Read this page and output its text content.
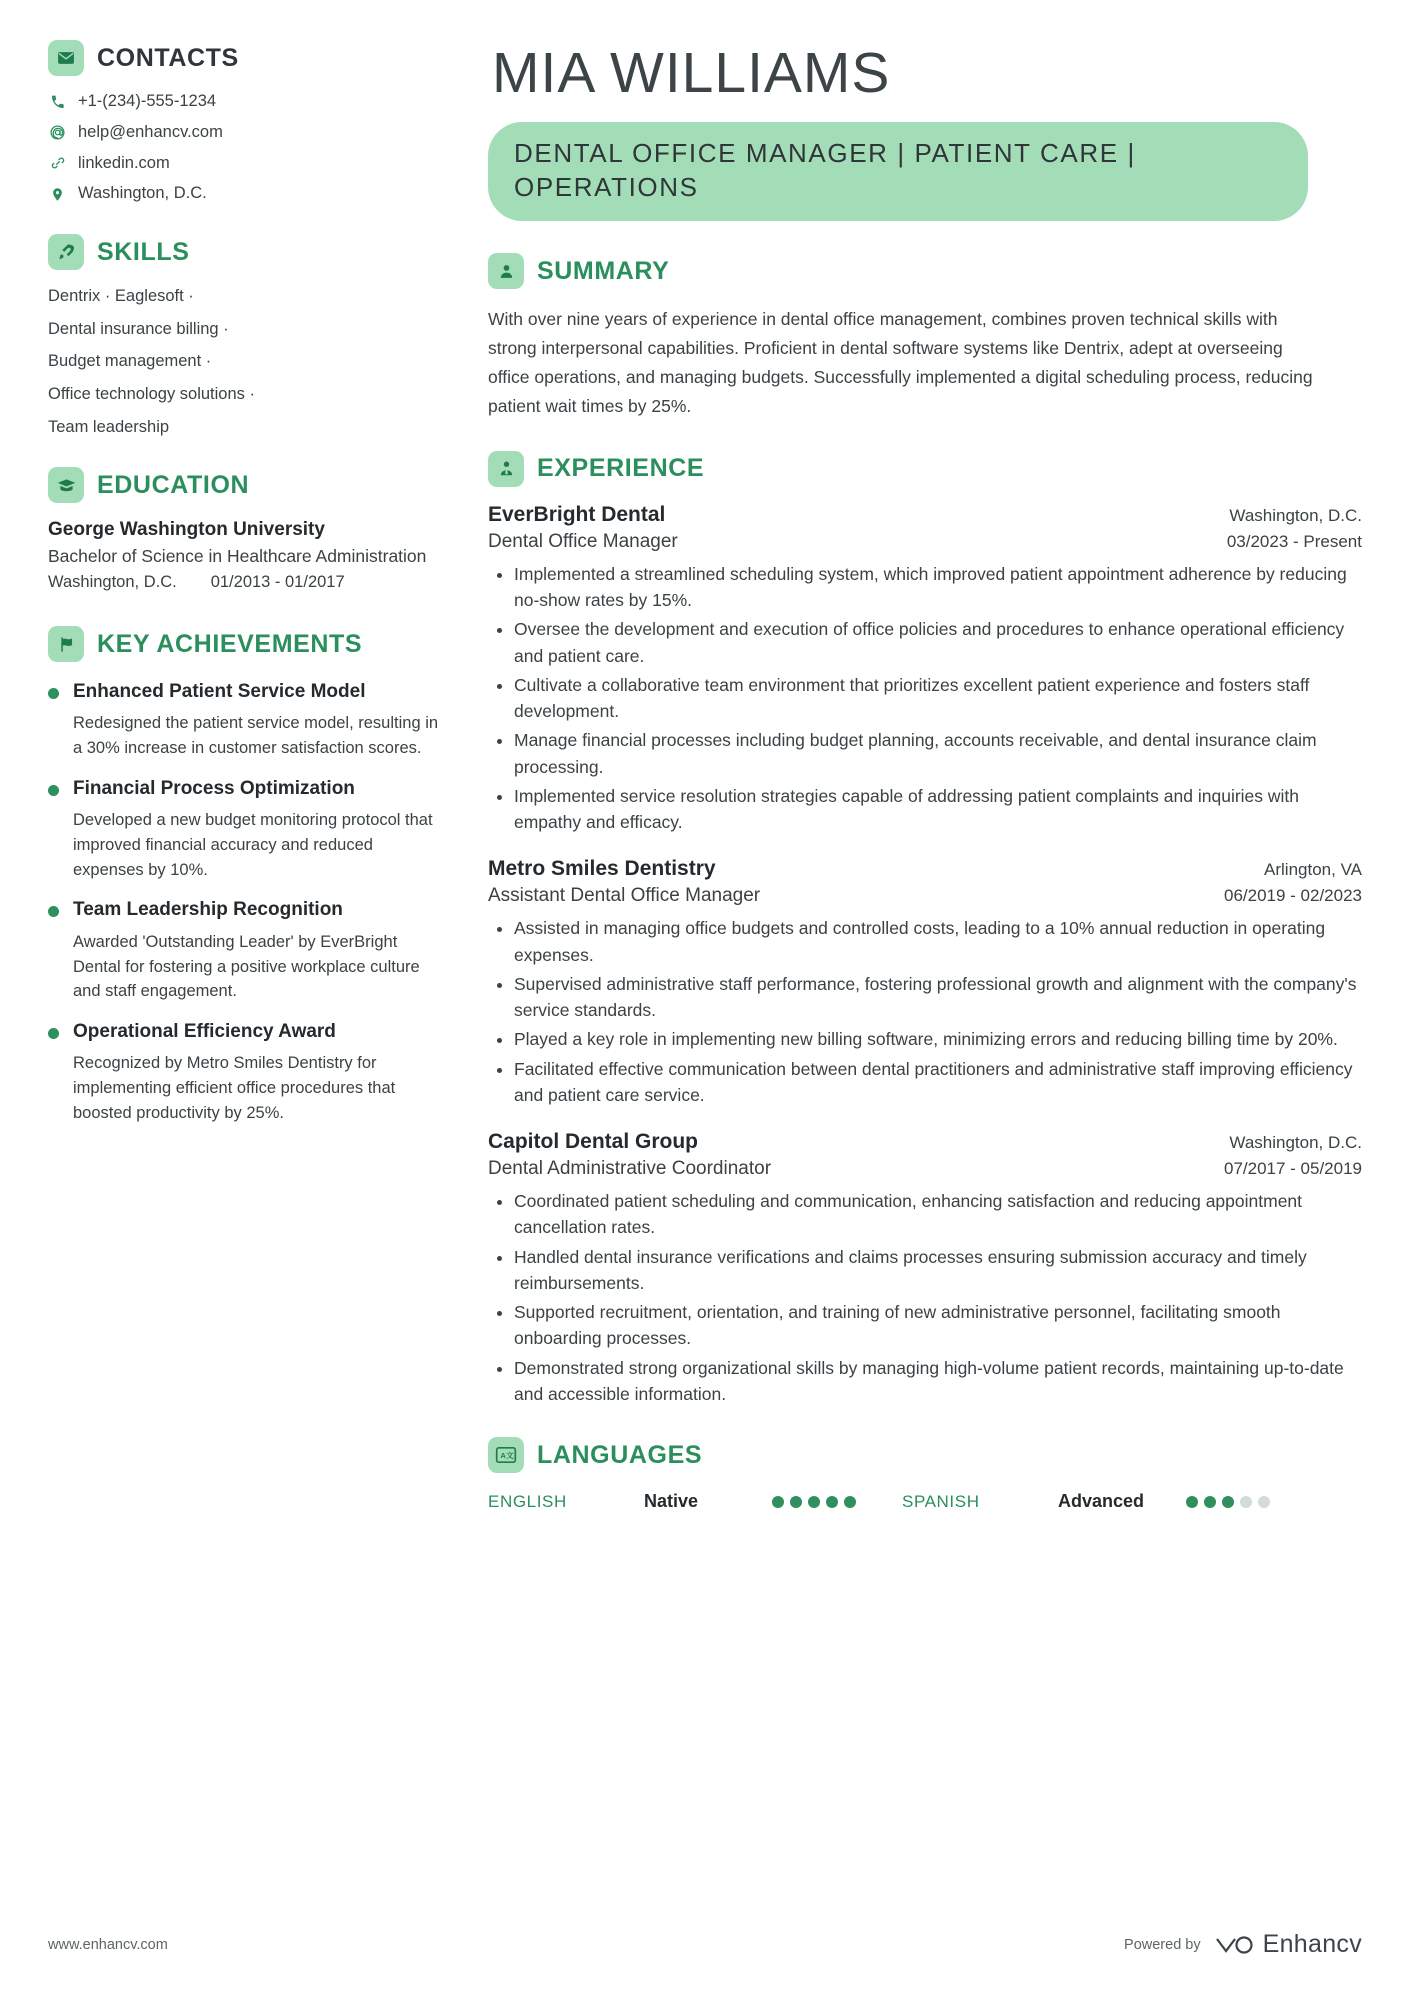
CONTACTS
+1-(234)-555-1234
help@enhancv.com
linkedin.com
Washington, D.C.
SKILLS
Dentrix · Eaglesoft ·
Dental insurance billing ·
Budget management ·
Office technology solutions ·
Team leadership
EDUCATION
George Washington University
Bachelor of Science in Healthcare Administration
Washington, D.C. 01/2013 - 01/2017
KEY ACHIEVEMENTS
Enhanced Patient Service Model
Redesigned the patient service model, resulting in a 30% increase in customer satisfaction scores.
Financial Process Optimization
Developed a new budget monitoring protocol that improved financial accuracy and reduced expenses by 10%.
Team Leadership Recognition
Awarded 'Outstanding Leader' by EverBright Dental for fostering a positive workplace culture and staff engagement.
Operational Efficiency Award
Recognized by Metro Smiles Dentistry for implementing efficient office procedures that boosted productivity by 25%.
MIA WILLIAMS
DENTAL OFFICE MANAGER | PATIENT CARE | OPERATIONS
SUMMARY
With over nine years of experience in dental office management, combines proven technical skills with strong interpersonal capabilities. Proficient in dental software systems like Dentrix, adept at overseeing office operations, and managing budgets. Successfully implemented a digital scheduling process, reducing patient wait times by 25%.
EXPERIENCE
EverBright Dental	Washington, D.C.
Dental Office Manager	03/2023 - Present
• Implemented a streamlined scheduling system, which improved patient appointment adherence by reducing no-show rates by 15%.
• Oversee the development and execution of office policies and procedures to enhance operational efficiency and patient care.
• Cultivate a collaborative team environment that prioritizes excellent patient experience and fosters staff development.
• Manage financial processes including budget planning, accounts receivable, and dental insurance claim processing.
• Implemented service resolution strategies capable of addressing patient complaints and inquiries with empathy and efficacy.
Metro Smiles Dentistry	Arlington, VA
Assistant Dental Office Manager	06/2019 - 02/2023
• Assisted in managing office budgets and controlled costs, leading to a 10% annual reduction in operating expenses.
• Supervised administrative staff performance, fostering professional growth and alignment with the company's service standards.
• Played a key role in implementing new billing software, minimizing errors and reducing billing time by 20%.
• Facilitated effective communication between dental practitioners and administrative staff improving efficiency and patient care service.
Capitol Dental Group	Washington, D.C.
Dental Administrative Coordinator	07/2017 - 05/2019
• Coordinated patient scheduling and communication, enhancing satisfaction and reducing appointment cancellation rates.
• Handled dental insurance verifications and claims processes ensuring submission accuracy and timely reimbursements.
• Supported recruitment, orientation, and training of new administrative personnel, facilitating smooth onboarding processes.
• Demonstrated strong organizational skills by managing high-volume patient records, maintaining up-to-date and accessible information.
A 文 LANGUAGES
ENGLISH	Native	SPANISH	Advanced
www.enhancv.com	Powered by Enhancv
